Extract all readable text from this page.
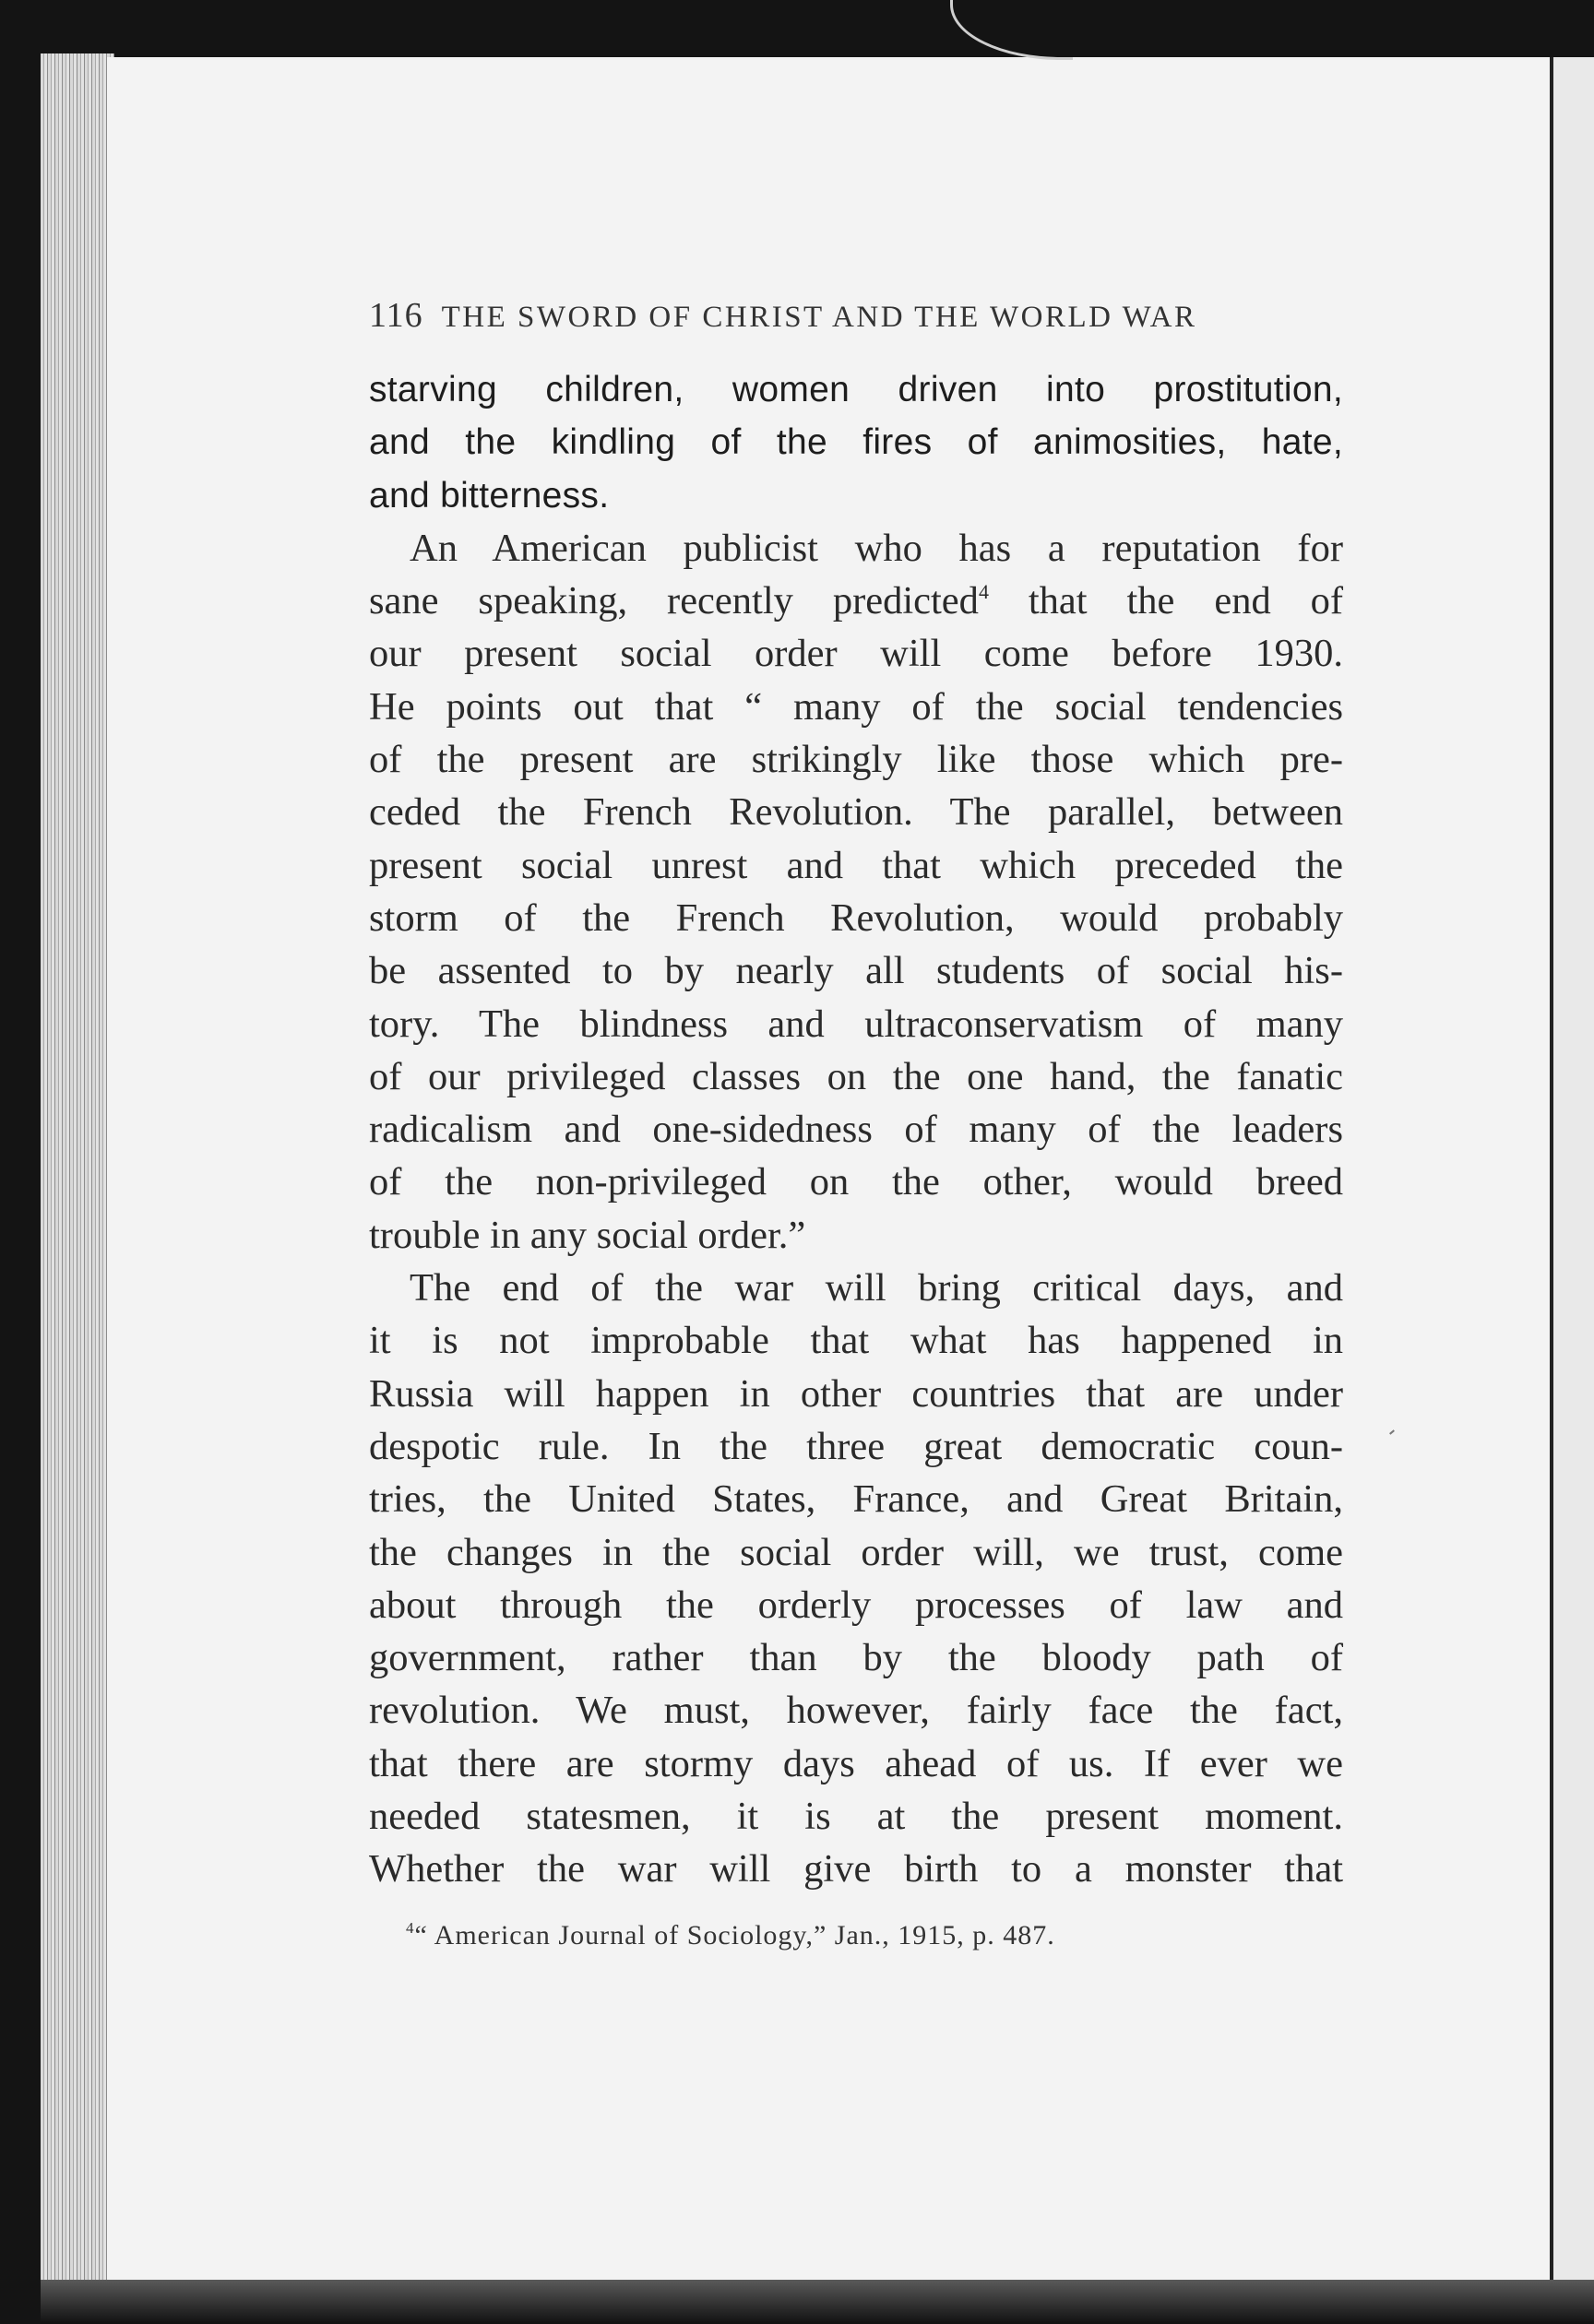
116 THE SWORD OF CHRIST AND THE WORLD WAR
starving children, women driven into prostitution,
and the kindling of the fires of animosities, hate,
and bitterness.
An American publicist who has a reputation for
sane speaking, recently predicted$^4$ that the end of
our present social order will come before 1930.
He points out that “ many of the social tendencies
of the present are strikingly like those which pre-
ceded the French Revolution. The parallel, between
present social unrest and that which preceded the
storm of the French Revolution, would probably
be assented to by nearly all students of social his-
tory. The blindness and ultraconservatism of many
of our privileged classes on the one hand, the fanatic
radicalism and one-sidedness of many of the leaders
of the non-privileged on the other, would breed
trouble in any social order.”
The end of the war will bring critical days, and
it is not improbable that what has happened in
Russia will happen in other countries that are under
despotic rule. In the three great democratic coun-
tries, the United States, France, and Great Britain,
the changes in the social order will, we trust, come
about through the orderly processes of law and
government, rather than by the bloody path of
revolution. We must, however, fairly face the fact,
that there are stormy days ahead of us. If ever we
needed statesmen, it is at the present moment.
Whether the war will give birth to a monster that
$^4$“ American Journal of Sociology,” Jan., 1915, p. 487.
